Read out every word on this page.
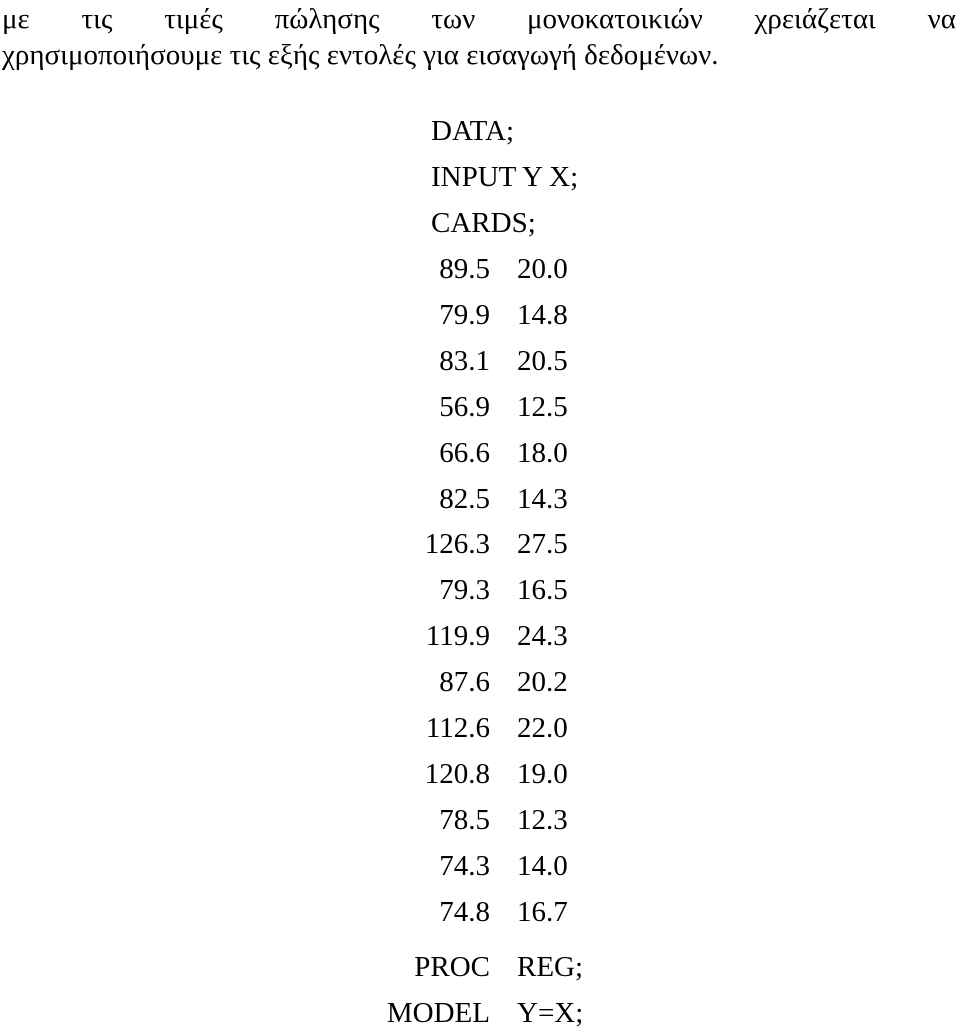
με τις τιμές πώλησης των μονοκατοικιών χρειάζεται να
χρησιμοποιήσουμε τις εξής εντολές για εισαγωγή δεδομένων.
DATA;
INPUT Y X;
CARDS;
89.5 20.0
79.9 14.8
83.1 20.5
56.9 12.5
66.6 18.0
82.5 14.3
126.3 27.5
79.3 16.5
119.9 24.3
87.6 20.2
112.6 22.0
120.8 19.0
78.5 12.3
74.3 14.0
74.8 16.7
PROC REG;
MODEL Y=X;
